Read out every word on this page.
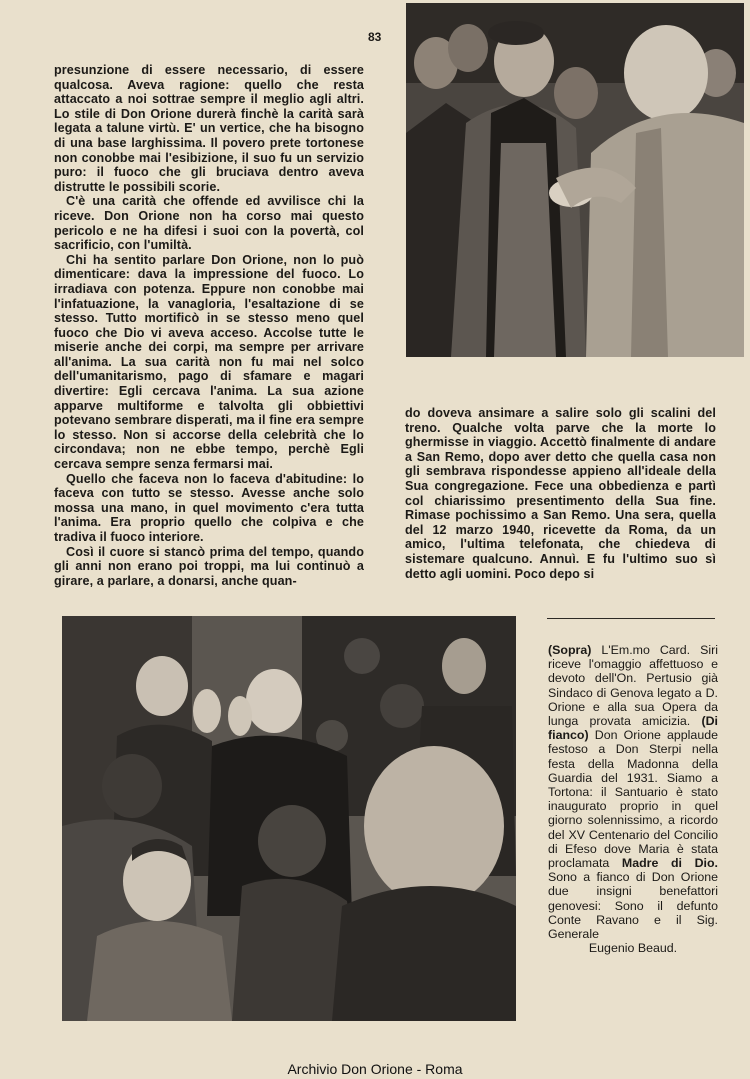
83

presunzione di essere necessario, di essere qualcosa. Aveva ragione: quello che resta attaccato a noi sottrae sempre il meglio agli altri. Lo stile di Don Orione durerà finchè la carità sarà legata a talune virtù. E' un vertice, che ha bisogno di una base larghissima. Il povero prete tortonese non conobbe mai l'esibizione, il suo fu un servizio puro: il fuoco che gli bruciava dentro aveva distrutte le possibili scorie.

C'è una carità che offende ed avvilisce chi la riceve. Don Orione non ha corso mai questo pericolo e ne ha difesi i suoi con la povertà, col sacrificio, con l'umiltà.

Chi ha sentito parlare Don Orione, non lo può dimenticare: dava la impressione del fuoco. Lo irradiava con potenza. Eppure non conobbe mai l'infatuazione, la vanagloria, l'esaltazione di se stesso. Tutto mortificò in se stesso meno quel fuoco che Dio vi aveva acceso. Accolse tutte le miserie anche dei corpi, ma sempre per arrivare all'anima. La sua carità non fu mai nel solco dell'umanitarismo, pago di sfamare e magari divertire: Egli cercava l'anima. La sua azione apparve multiforme e talvolta gli obbiettivi potevano sembrare disperati, ma il fine era sempre lo stesso. Non si accorse della celebrità che lo circondava; non ne ebbe tempo, perchè Egli cercava sempre senza fermarsi mai.

Quello che faceva non lo faceva d'abitudine: lo faceva con tutto se stesso. Avesse anche solo mossa una mano, in quel movimento c'era tutta l'anima. Era proprio quello che colpiva e che tradiva il fuoco interiore.

Così il cuore si stancò prima del tempo, quando gli anni non erano poi troppi, ma lui continuò a girare, a parlare, a donarsi, anche quan-

do doveva ansimare a salire solo gli scalini del treno. Qualche volta parve che la morte lo ghermisse in viaggio. Accettò finalmente di andare a San Remo, dopo aver detto che quella casa non gli sembrava rispondesse appieno all'ideale della Sua congregazione. Fece una obbedienza e partì col chiarissimo presentimento della Sua fine. Rimase pochissimo a San Remo. Una sera, quella del 12 marzo 1940, ricevette da Roma, da un amico, l'ultima telefonata, che chiedeva di sistemare qualcuno. Annuì. E fu l'ultimo suo sì detto agli uomini. Poco depo si

(Sopra) L'Em.mo Card. Siri riceve l'omaggio affettuoso e devoto dell'On. Pertusio già Sindaco di Genova legato a D. Orione e alla sua Opera da lunga provata amicizia. (Di fianco) Don Orione applaude festoso a Don Sterpi nella festa della Madonna della Guardia del 1931. Siamo a Tortona: il Santuario è stato inaugurato proprio in quel giorno solennissimo, a ricordo del XV Centenario del Concilio di Efeso dove Maria è stata proclamata Madre di Dio. Sono a fianco di Don Orione due insigni benefattori genovesi: Sono il defunto Conte Ravano e il Sig. Generale
Eugenio Beaud.
Archivio Don Orione - Roma
